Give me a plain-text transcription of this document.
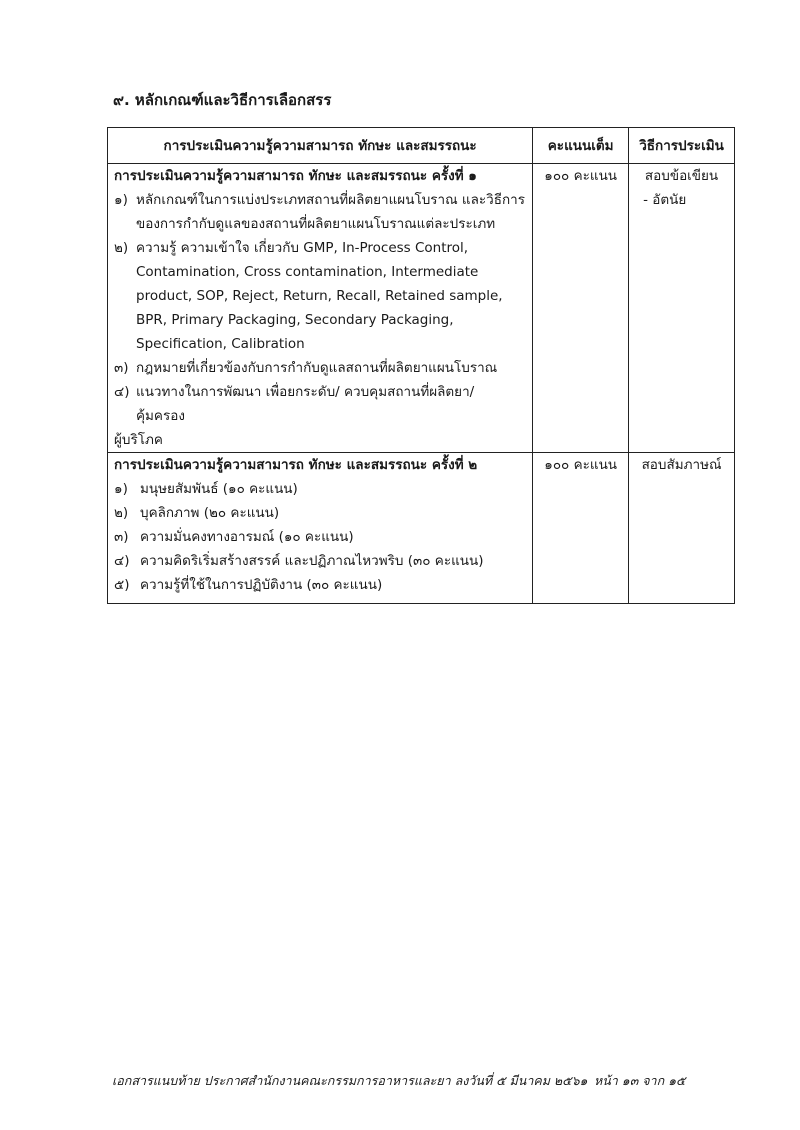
๙. หลักเกณฑ์และวิธีการเลือกสรร
การประเมินความรู้ความสามารถ ทักษะ และสมรรถนะ	คะแนนเต็ม	วิธีการประเมิน

การประเมินความรู้ความสามารถ ทักษะ และสมรรถนะ ครั้งที่ ๑
๑) หลักเกณฑ์ในการแบ่งประเภทสถานที่ผลิตยาแผนโบราณ และวิธีการของการกำกับดูแลของสถานที่ผลิตยาแผนโบราณแต่ละประเภท
๒) ความรู้ ความเข้าใจ เกี่ยวกับ GMP, In-Process Control, Contamination, Cross contamination, Intermediate product, SOP, Reject, Return, Recall, Retained sample, BPR, Primary Packaging, Secondary Packaging, Specification, Calibration
๓) กฎหมายที่เกี่ยวข้องกับการกำกับดูแลสถานที่ผลิตยาแผนโบราณ
๔) แนวทางในการพัฒนา เพื่อยกระดับ/ ควบคุมสถานที่ผลิตยา/ คุ้มครอง
ผู้บริโภค
	๑๐๐ คะแนน	สอบข้อเขียน
- อัตนัย

การประเมินความรู้ความสามารถ ทักษะ และสมรรถนะ ครั้งที่ ๒
๑) มนุษยสัมพันธ์ (๑๐ คะแนน)
๒) บุคลิกภาพ (๒๐ คะแนน)
๓) ความมั่นคงทางอารมณ์ (๑๐ คะแนน)
๔) ความคิดริเริ่มสร้างสรรค์ และปฏิภาณไหวพริบ (๓๐ คะแนน)
๕) ความรู้ที่ใช้ในการปฏิบัติงาน (๓๐ คะแนน)
	๑๐๐ คะแนน	สอบสัมภาษณ์
เอกสารแนบท้าย ประกาศสำนักงานคณะกรรมการอาหารและยา ลงวันที่ ๕ มีนาคม ๒๕๖๑ หน้า ๑๓ จาก ๑๕
